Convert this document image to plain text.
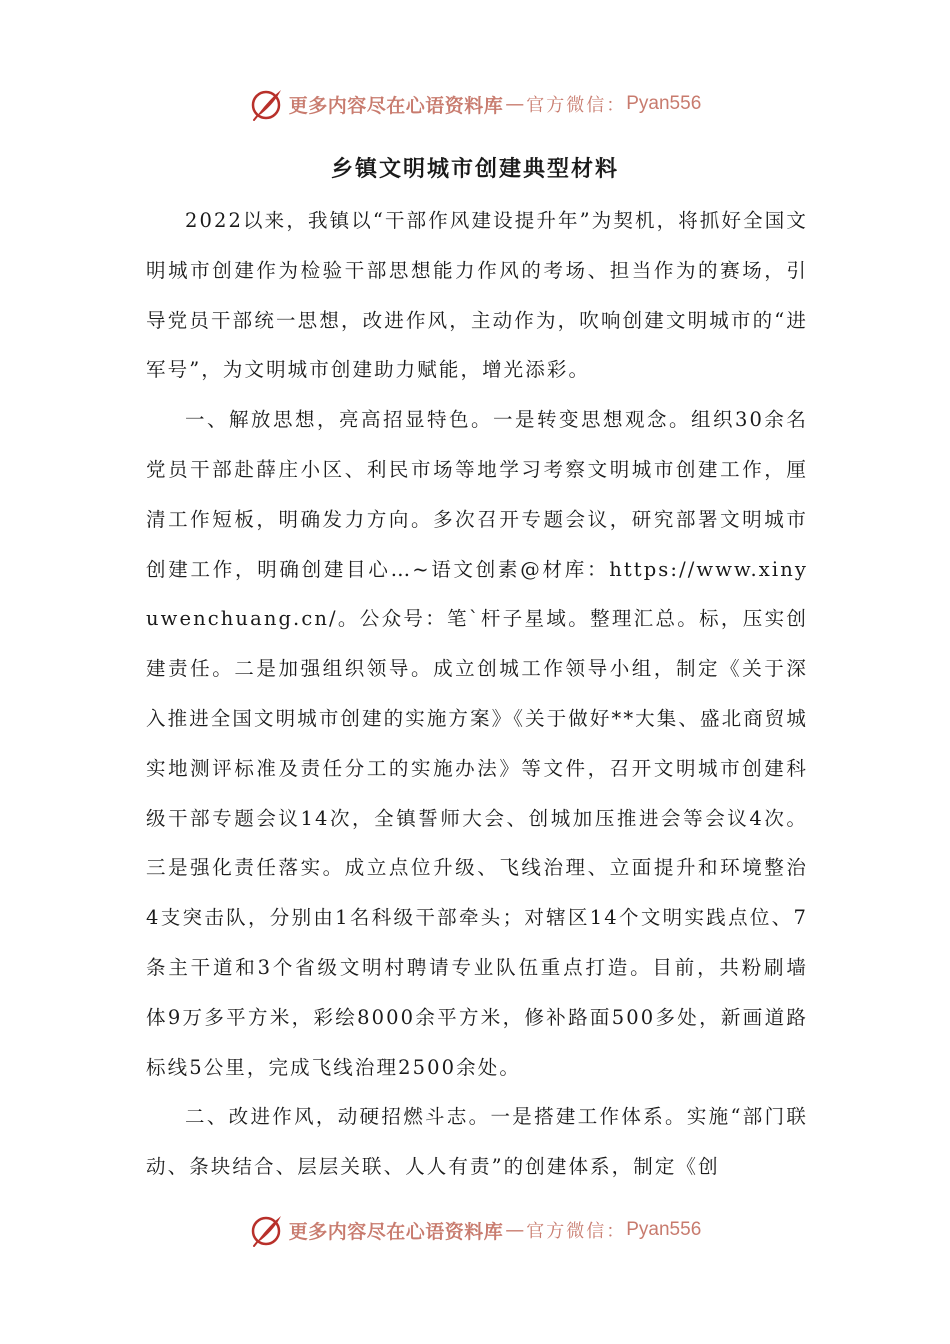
更多内容尽在心语资料库 — 官方微信： Pyan556
乡镇文明城市创建典型材料

2022以来，我镇以“干部作风建设提升年”为契机，将抓好全国文明城市创建作为检验干部思想能力作风的考场、担当作为的赛场，引导党员干部统一思想，改进作风，主动作为，吹响创建文明城市的“进军号”，为文明城市创建助力赋能，增光添彩。

一、解放思想，亮高招显特色。一是转变思想观念。组织30余名党员干部赴薛庄小区、利民市场等地学习考察文明城市创建工作，厘清工作短板，明确发力方向。多次召开专题会议，研究部署文明城市创建工作，明确创建目心…~语文创素@材库：https://www.xinyuwenchuang.cn/。公众号：笔`杆子星域。整理汇总。标，压实创建责任。二是加强组织领导。成立创城工作领导小组，制定《关于深入推进全国文明城市创建的实施方案》《关于做好**大集、盛北商贸城实地测评标准及责任分工的实施办法》等文件，召开文明城市创建科级干部专题会议14次，全镇誓师大会、创城加压推进会等会议4次。三是强化责任落实。成立点位升级、飞线治理、立面提升和环境整治4支突击队，分别由1名科级干部牵头；对辖区14个文明实践点位、7条主干道和3个省级文明村聘请专业队伍重点打造。目前，共粉刷墙体9万多平方米，彩绘8000余平方米，修补路面500多处，新画道路标线5公里，完成飞线治理2500余处。

二、改进作风，动硬招燃斗志。一是搭建工作体系。实施“部门联动、条块结合、层层关联、人人有责”的创建体系，制定《创

更多内容尽在心语资料库 — 官方微信： Pyan556
